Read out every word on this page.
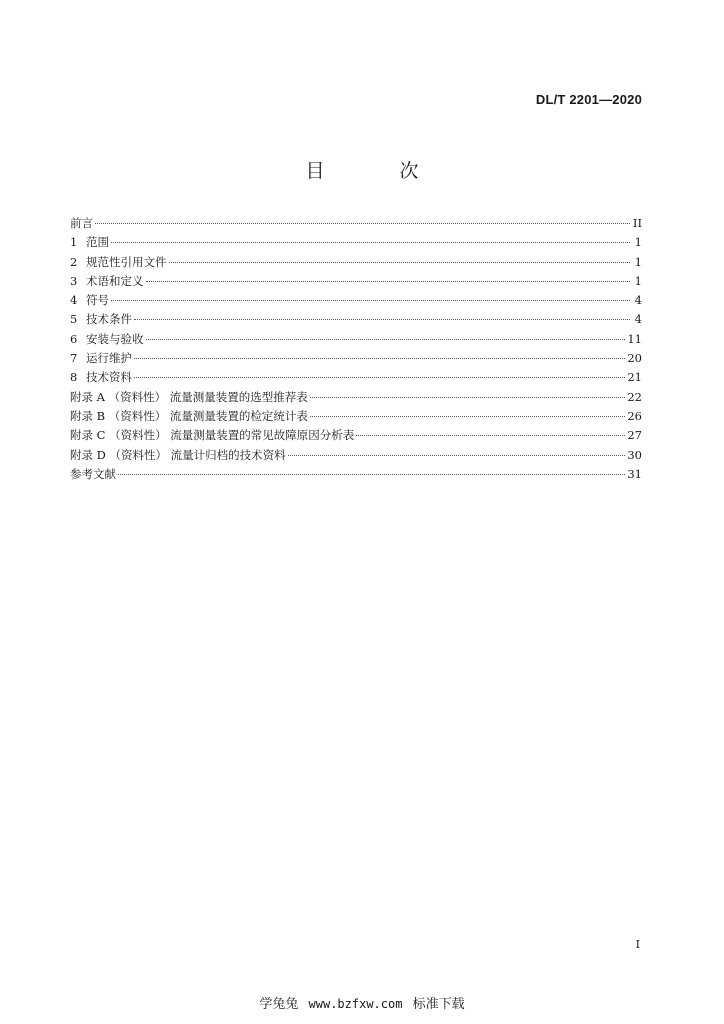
DL/T 2201—2020
目　次
前言	II
1 范围	1
2 规范性引用文件	1
3 术语和定义	1
4 符号	4
5 技术条件	4
6 安装与验收	11
7 运行维护	20
8 技术资料	21
附录 A （资料性） 流量测量装置的选型推荐表	22
附录 B （资料性） 流量测量装置的检定统计表	26
附录 C （资料性） 流量测量装置的常见故障原因分析表	27
附录 D （资料性） 流量计归档的技术资料	30
参考文献	31
I
学兔兔 www.bzfxw.com 标准下载
